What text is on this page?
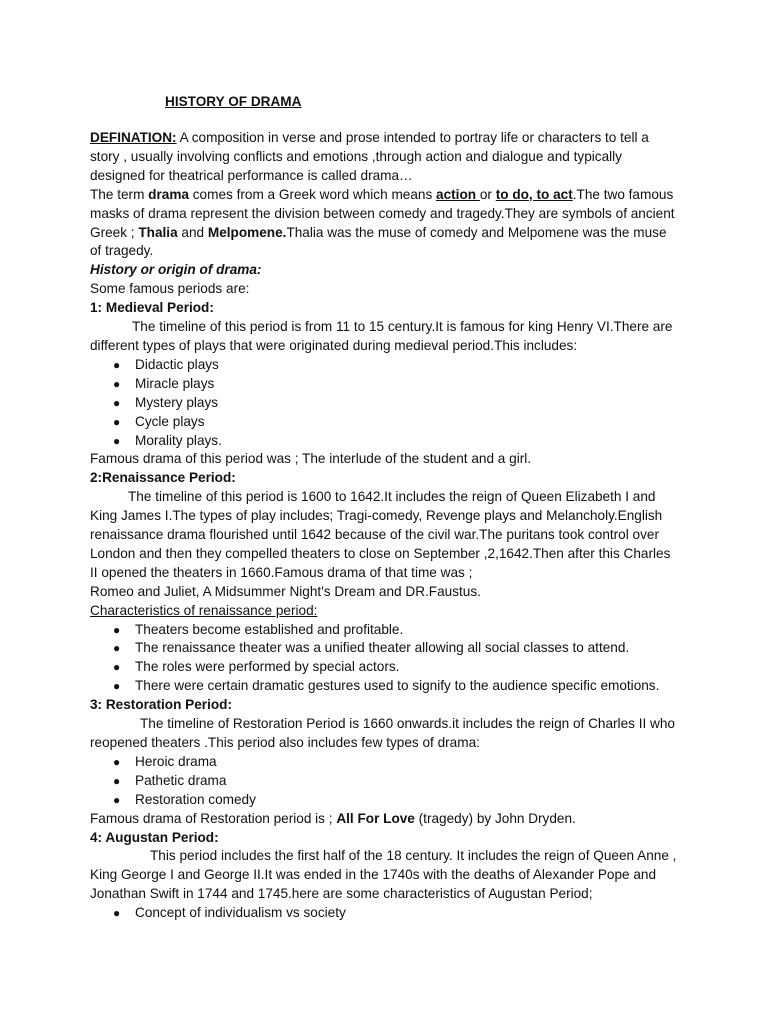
HISTORY OF DRAMA

DEFINATION: A composition in verse and prose intended to portray life or characters to tell a story , usually involving conflicts and emotions ,through action and dialogue and typically designed for theatrical performance is called drama…

The term drama comes from a Greek word which means action or to do, to act.The two famous masks of drama represent the division between comedy and tragedy.They are symbols of ancient Greek ; Thalia and Melpomene.Thalia was the muse of comedy and Melpomene was the muse of tragedy.

History or origin of drama:

Some famous periods are:

1: Medieval Period:

The timeline of this period is from 11 to 15 century.It is famous for king Henry VI.There are different types of plays that were originated during medieval period.This includes:

● Didactic plays
● Miracle plays
● Mystery plays
● Cycle plays
● Morality plays.

Famous drama of this period was ; The interlude of the student and a girl.

2:Renaissance Period:

The timeline of this period is 1600 to 1642.It includes the reign of Queen Elizabeth I and King James I.The types of play includes; Tragi-comedy, Revenge plays and Melancholy.English renaissance drama flourished until 1642 because of the civil war.The puritans took control over London and then they compelled theaters to close on September ,2,1642.Then after this Charles II opened the theaters in 1660.Famous drama of that time was ;

Romeo and Juliet, A Midsummer Night's Dream and DR.Faustus.

Characteristics of renaissance period:

● Theaters become established and profitable.
● The renaissance theater was a unified theater allowing all social classes to attend.
● The roles were performed by special actors.
● There were certain dramatic gestures used to signify to the audience specific emotions.

3: Restoration Period:

The timeline of Restoration Period is 1660 onwards.it includes the reign of Charles II who reopened theaters .This period also includes few types of drama:

● Heroic drama
● Pathetic drama
● Restoration comedy

Famous drama of Restoration period is ; All For Love (tragedy) by John Dryden.

4: Augustan Period:

This period includes the first half of the 18 century. It includes the reign of Queen Anne , King George I and George II.It was ended in the 1740s with the deaths of Alexander Pope and Jonathan Swift in 1744 and 1745.here are some characteristics of Augustan Period;

● Concept of individualism vs society
